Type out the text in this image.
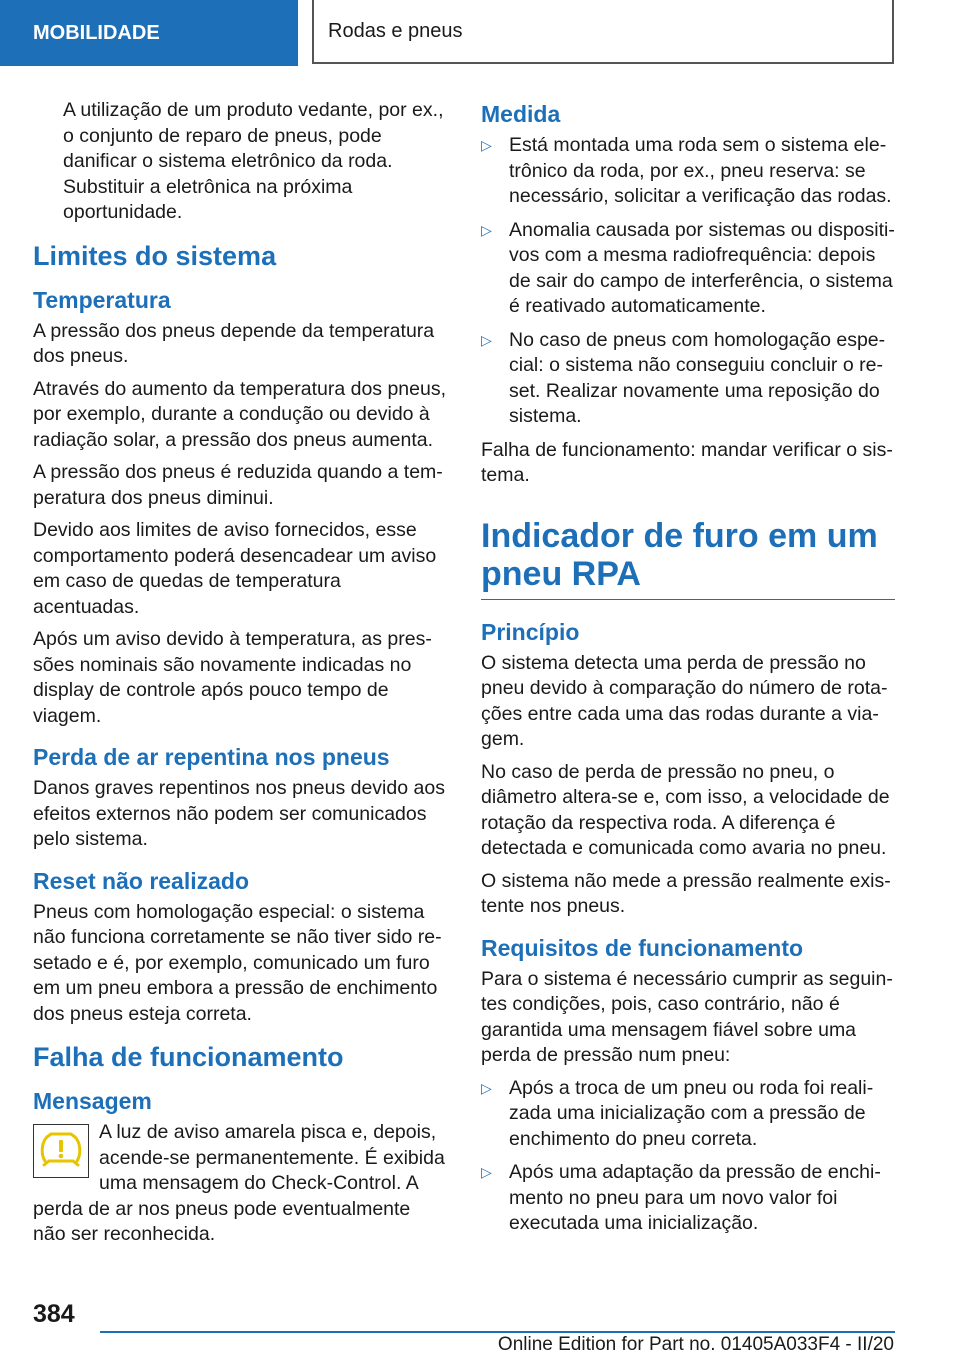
MOBILIDADE	Rodas e pneus

A utilização de um produto vedante, por ex., o conjunto de reparo de pneus, pode danificar o sistema eletrônico da roda. Substituir a eletrônica na próxima oportunidade.

Limites do sistema
Temperatura

A pressão dos pneus depende da temperatura dos pneus.

Através do aumento da temperatura dos pneus, por exemplo, durante a condução ou devido à radiação solar, a pressão dos pneus aumenta.

A pressão dos pneus é reduzida quando a temperatura dos pneus diminui.

Devido aos limites de aviso fornecidos, esse comportamento poderá desencadear um aviso em caso de quedas de temperatura acentuadas.

Após um aviso devido à temperatura, as pressões nominais são novamente indicadas no display de controle após pouco tempo de viagem.

Perda de ar repentina nos pneus

Danos graves repentinos nos pneus devido aos efeitos externos não podem ser comunicados pelo sistema.

Reset não realizado

Pneus com homologação especial: o sistema não funciona corretamente se não tiver sido resetado e é, por exemplo, comunicado um furo em um pneu embora a pressão de enchimento dos pneus esteja correta.

Falha de funcionamento
Mensagem

A luz de aviso amarela pisca e, depois, acende-se permanentemente. É exibida uma mensagem do Check-Control. A perda de ar nos pneus pode eventualmente não ser reconhecida.

Medida
▷ Está montada uma roda sem o sistema eletrônico da roda, por ex., pneu reserva: se necessário, solicitar a verificação das rodas.
▷ Anomalia causada por sistemas ou dispositivos com a mesma radiofrequência: depois de sair do campo de interferência, o sistema é reativado automaticamente.
▷ No caso de pneus com homologação especial: o sistema não conseguiu concluir o reset. Realizar novamente uma reposição do sistema.

Falha de funcionamento: mandar verificar o sistema.

Indicador de furo em um pneu RPA
Princípio

O sistema detecta uma perda de pressão no pneu devido à comparação do número de rotações entre cada uma das rodas durante a viagem.

No caso de perda de pressão no pneu, o diâmetro altera-se e, com isso, a velocidade de rotação da respectiva roda. A diferença é detectada e comunicada como avaria no pneu.

O sistema não mede a pressão realmente existente nos pneus.

Requisitos de funcionamento

Para o sistema é necessário cumprir as seguintes condições, pois, caso contrário, não é garantida uma mensagem fiável sobre uma perda de pressão num pneu:

▷ Após a troca de um pneu ou roda foi realizada uma inicialização com a pressão de enchimento do pneu correta.
▷ Após uma adaptação da pressão de enchimento no pneu para um novo valor foi executada uma inicialização.
384
Online Edition for Part no. 01405A033F4 - II/20
